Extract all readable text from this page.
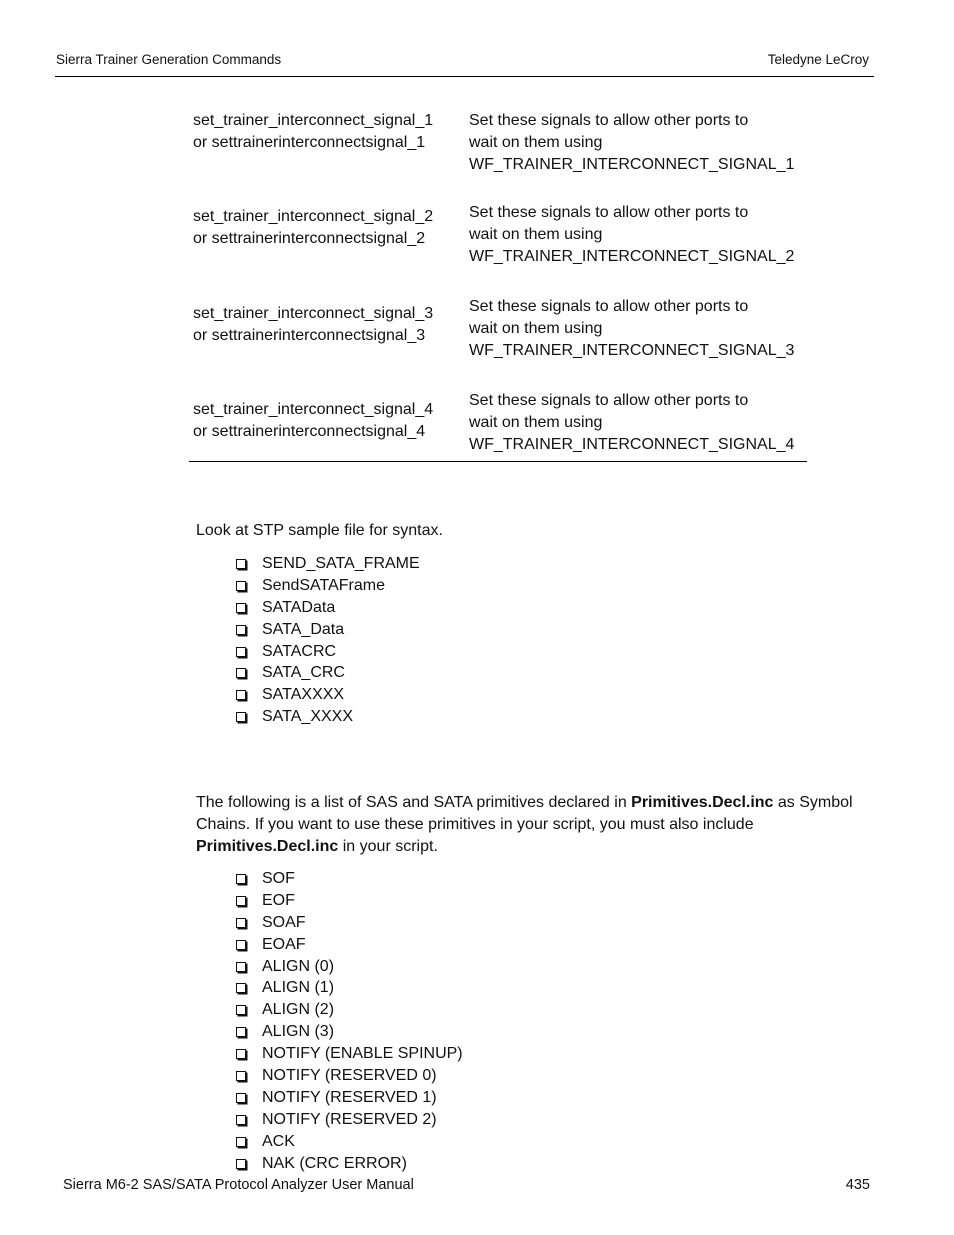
Sierra Trainer Generation Commands	Teledyne LeCroy
set_trainer_interconnect_signal_1
or settrainerinterconnectsignal_1
Set these signals to allow other ports to
wait on them using
WF_TRAINER_INTERCONNECT_SIGNAL_1
set_trainer_interconnect_signal_2
or settrainerinterconnectsignal_2
Set these signals to allow other ports to
wait on them using
WF_TRAINER_INTERCONNECT_SIGNAL_2
set_trainer_interconnect_signal_3
or settrainerinterconnectsignal_3
Set these signals to allow other ports to
wait on them using
WF_TRAINER_INTERCONNECT_SIGNAL_3
set_trainer_interconnect_signal_4
or settrainerinterconnectsignal_4
Set these signals to allow other ports to
wait on them using
WF_TRAINER_INTERCONNECT_SIGNAL_4
Look at STP sample file for syntax.
SEND_SATA_FRAME
SendSATAFrame
SATAData
SATA_Data
SATACRC
SATA_CRC
SATAXXXX
SATA_XXXX
The following is a list of SAS and SATA primitives declared in Primitives.Decl.inc as Symbol Chains. If you want to use these primitives in your script, you must also include Primitives.Decl.inc in your script.
SOF
EOF
SOAF
EOAF
ALIGN (0)
ALIGN (1)
ALIGN (2)
ALIGN (3)
NOTIFY (ENABLE SPINUP)
NOTIFY (RESERVED 0)
NOTIFY (RESERVED 1)
NOTIFY (RESERVED 2)
ACK
NAK (CRC ERROR)
Sierra M6-2 SAS/SATA Protocol Analyzer User Manual	435
